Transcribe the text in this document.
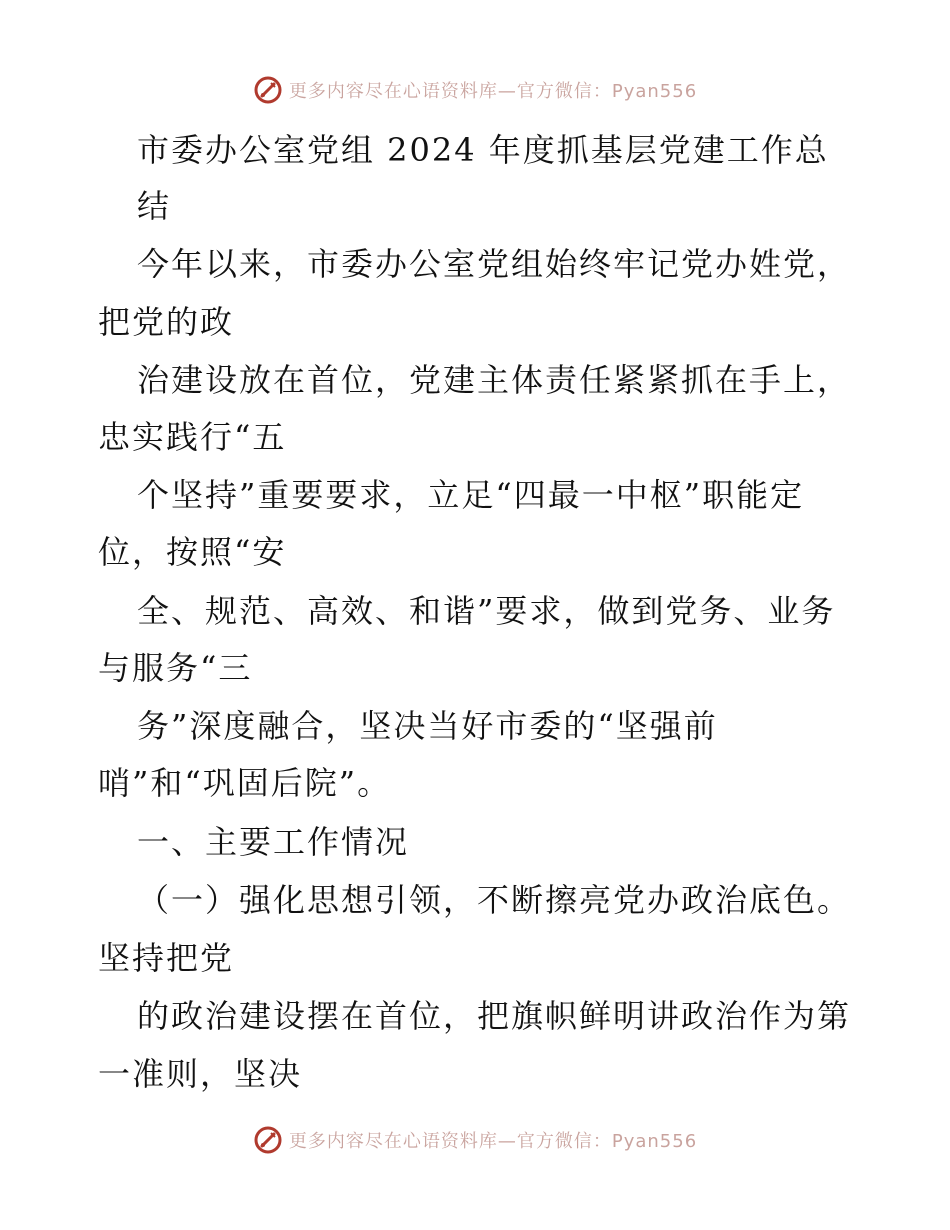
更多内容尽在心语资料库—官方微信：Pyan556
市委办公室党组 2024 年度抓基层党建工作总
结
今年以来，市委办公室党组始终牢记党办姓党，
把党的政
治建设放在首位，党建主体责任紧紧抓在手上，
忠实践行“五
个坚持”重要要求，立足“四最一中枢”职能定
位，按照“安
全、规范、高效、和谐”要求，做到党务、业务
与服务“三
务”深度融合，坚决当好市委的“坚强前
哨”和“巩固后院”。
一、主要工作情况
（一）强化思想引领，不断擦亮党办政治底色。
坚持把党
的政治建设摆在首位，把旗帜鲜明讲政治作为第
一准则，坚决
更多内容尽在心语资料库—官方微信：Pyan556
